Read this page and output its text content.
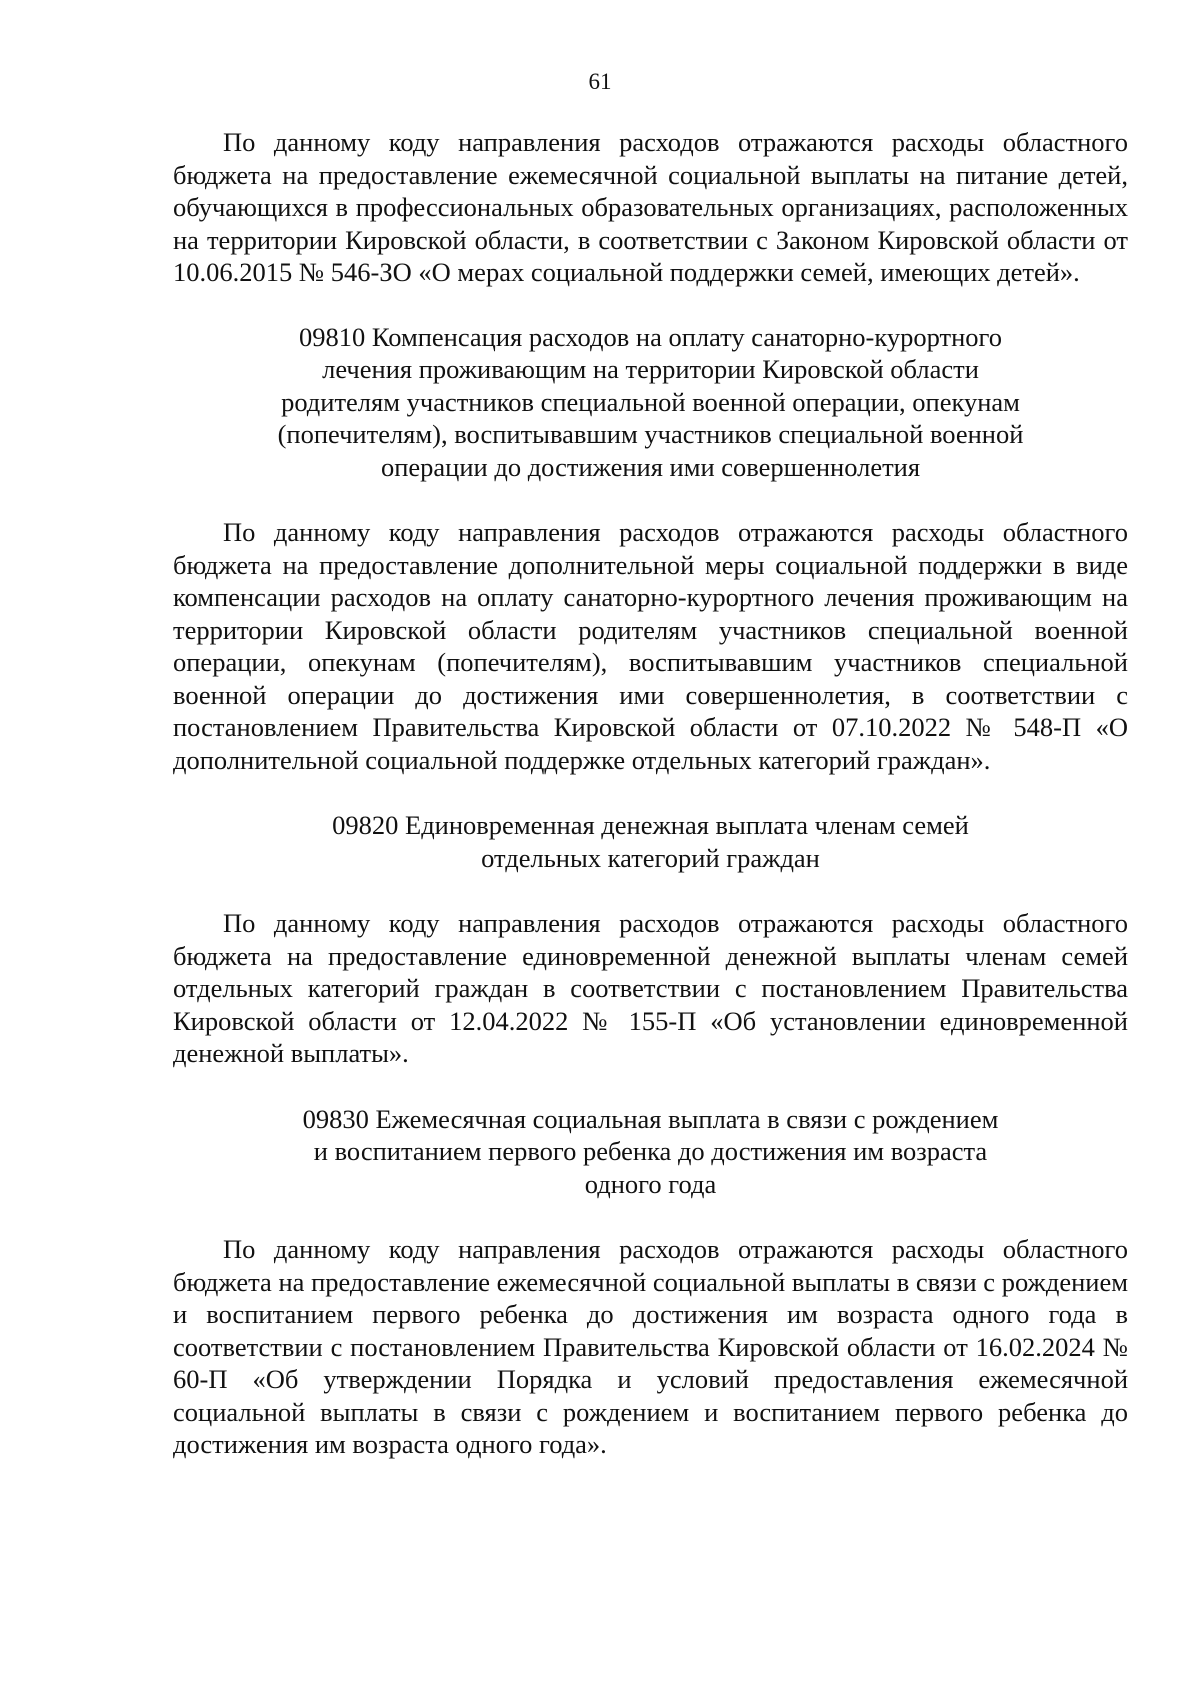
61

По данному коду направления расходов отражаются расходы областного бюджета на предоставление ежемесячной социальной выплаты на питание детей, обучающихся в профессиональных образовательных организациях, расположенных на территории Кировской области, в соответствии с Законом Кировской области от 10.06.2015 № 546-ЗО «О мерах социальной поддержки семей, имеющих детей».

09810 Компенсация расходов на оплату санаторно-курортного
лечения проживающим на территории Кировской области
родителям участников специальной военной операции, опекунам
(попечителям), воспитывавшим участников специальной военной
операции до достижения ими совершеннолетия

По данному коду направления расходов отражаются расходы областного бюджета на предоставление дополнительной меры социальной поддержки в виде компенсации расходов на оплату санаторно-курортного лечения проживающим на территории Кировской области родителям участников специальной военной операции, опекунам (попечителям), воспитывавшим участников специальной военной операции до достижения ими совершеннолетия, в соответствии с постановлением Правительства Кировской области от 07.10.2022 № 548-П «О дополнительной социальной поддержке отдельных категорий граждан».

09820 Единовременная денежная выплата членам семей
отдельных категорий граждан

По данному коду направления расходов отражаются расходы областного бюджета на предоставление единовременной денежной выплаты членам семей отдельных категорий граждан в соответствии с постановлением Правительства Кировской области от 12.04.2022 № 155-П «Об установлении единовременной денежной выплаты».

09830 Ежемесячная социальная выплата в связи с рождением
и воспитанием первого ребенка до достижения им возраста
одного года

По данному коду направления расходов отражаются расходы областного бюджета на предоставление ежемесячной социальной выплаты в связи с рождением и воспитанием первого ребенка до достижения им возраста одного года в соответствии с постановлением Правительства Кировской области от 16.02.2024 № 60-П «Об утверждении Порядка и условий предоставления ежемесячной социальной выплаты в связи с рождением и воспитанием первого ребенка до достижения им возраста одного года».
